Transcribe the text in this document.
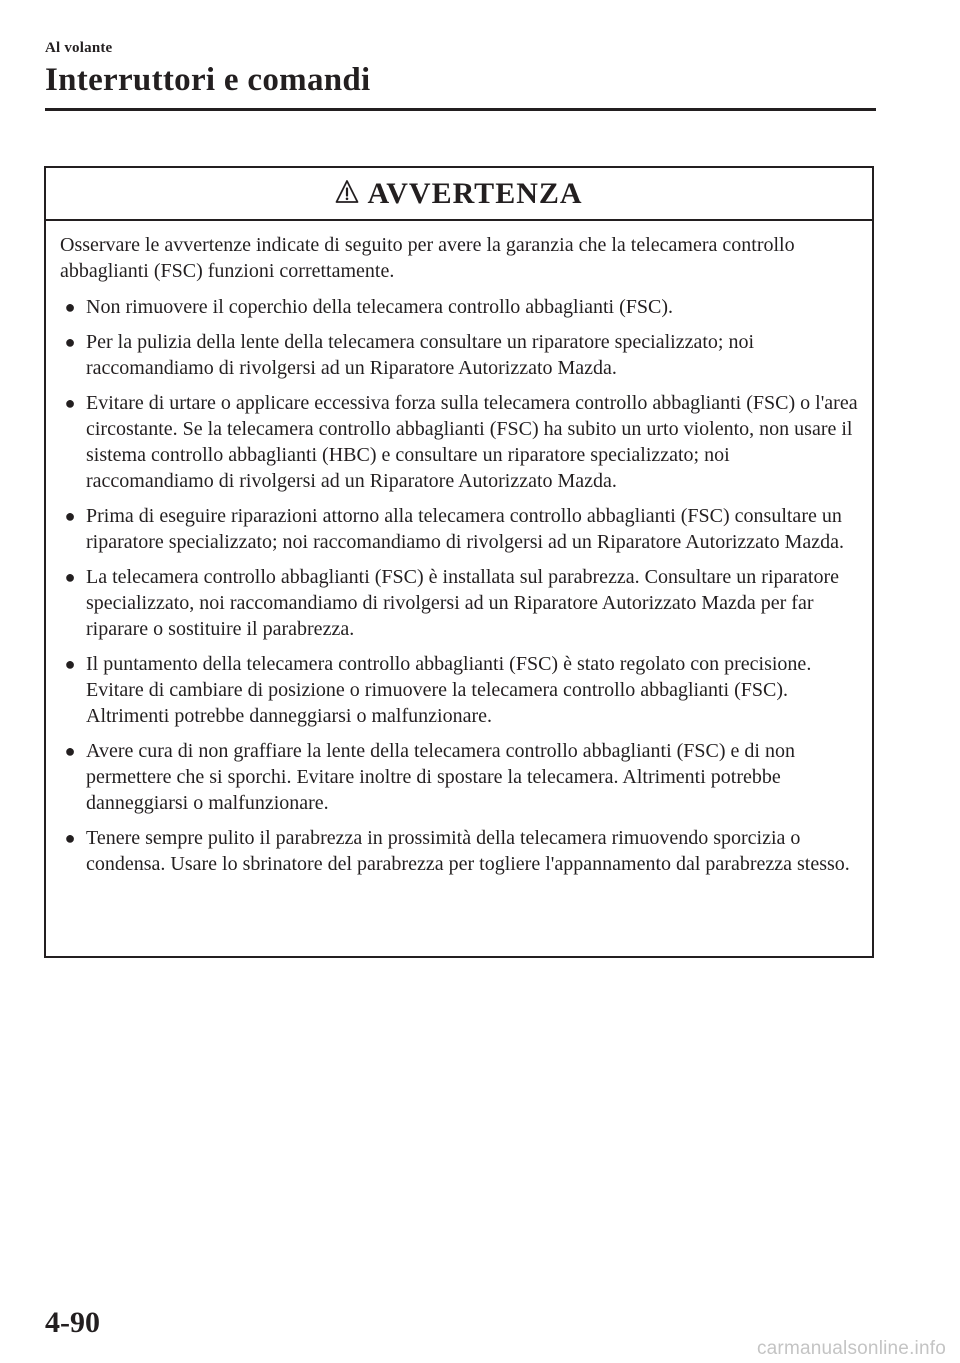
Al volante
Interruttori e comandi
AVVERTENZA

Osservare le avvertenze indicate di seguito per avere la garanzia che la telecamera controllo abbaglianti (FSC) funzioni correttamente.

● Non rimuovere il coperchio della telecamera controllo abbaglianti (FSC).
● Per la pulizia della lente della telecamera consultare un riparatore specializzato; noi raccomandiamo di rivolgersi ad un Riparatore Autorizzato Mazda.
● Evitare di urtare o applicare eccessiva forza sulla telecamera controllo abbaglianti (FSC) o l'area circostante. Se la telecamera controllo abbaglianti (FSC) ha subito un urto violento, non usare il sistema controllo abbaglianti (HBC) e consultare un riparatore specializzato; noi raccomandiamo di rivolgersi ad un Riparatore Autorizzato Mazda.
● Prima di eseguire riparazioni attorno alla telecamera controllo abbaglianti (FSC) consultare un riparatore specializzato; noi raccomandiamo di rivolgersi ad un Riparatore Autorizzato Mazda.
● La telecamera controllo abbaglianti (FSC) è installata sul parabrezza. Consultare un riparatore specializzato, noi raccomandiamo di rivolgersi ad un Riparatore Autorizzato Mazda per far riparare o sostituire il parabrezza.
● Il puntamento della telecamera controllo abbaglianti (FSC) è stato regolato con precisione. Evitare di cambiare di posizione o rimuovere la telecamera controllo abbaglianti (FSC). Altrimenti potrebbe danneggiarsi o malfunzionare.
● Avere cura di non graffiare la lente della telecamera controllo abbaglianti (FSC) e di non permettere che si sporchi. Evitare inoltre di spostare la telecamera. Altrimenti potrebbe danneggiarsi o malfunzionare.
● Tenere sempre pulito il parabrezza in prossimità della telecamera rimuovendo sporcizia o condensa. Usare lo sbrinatore del parabrezza per togliere l'appannamento dal parabrezza stesso.
4-90
carmanualsonline.info
